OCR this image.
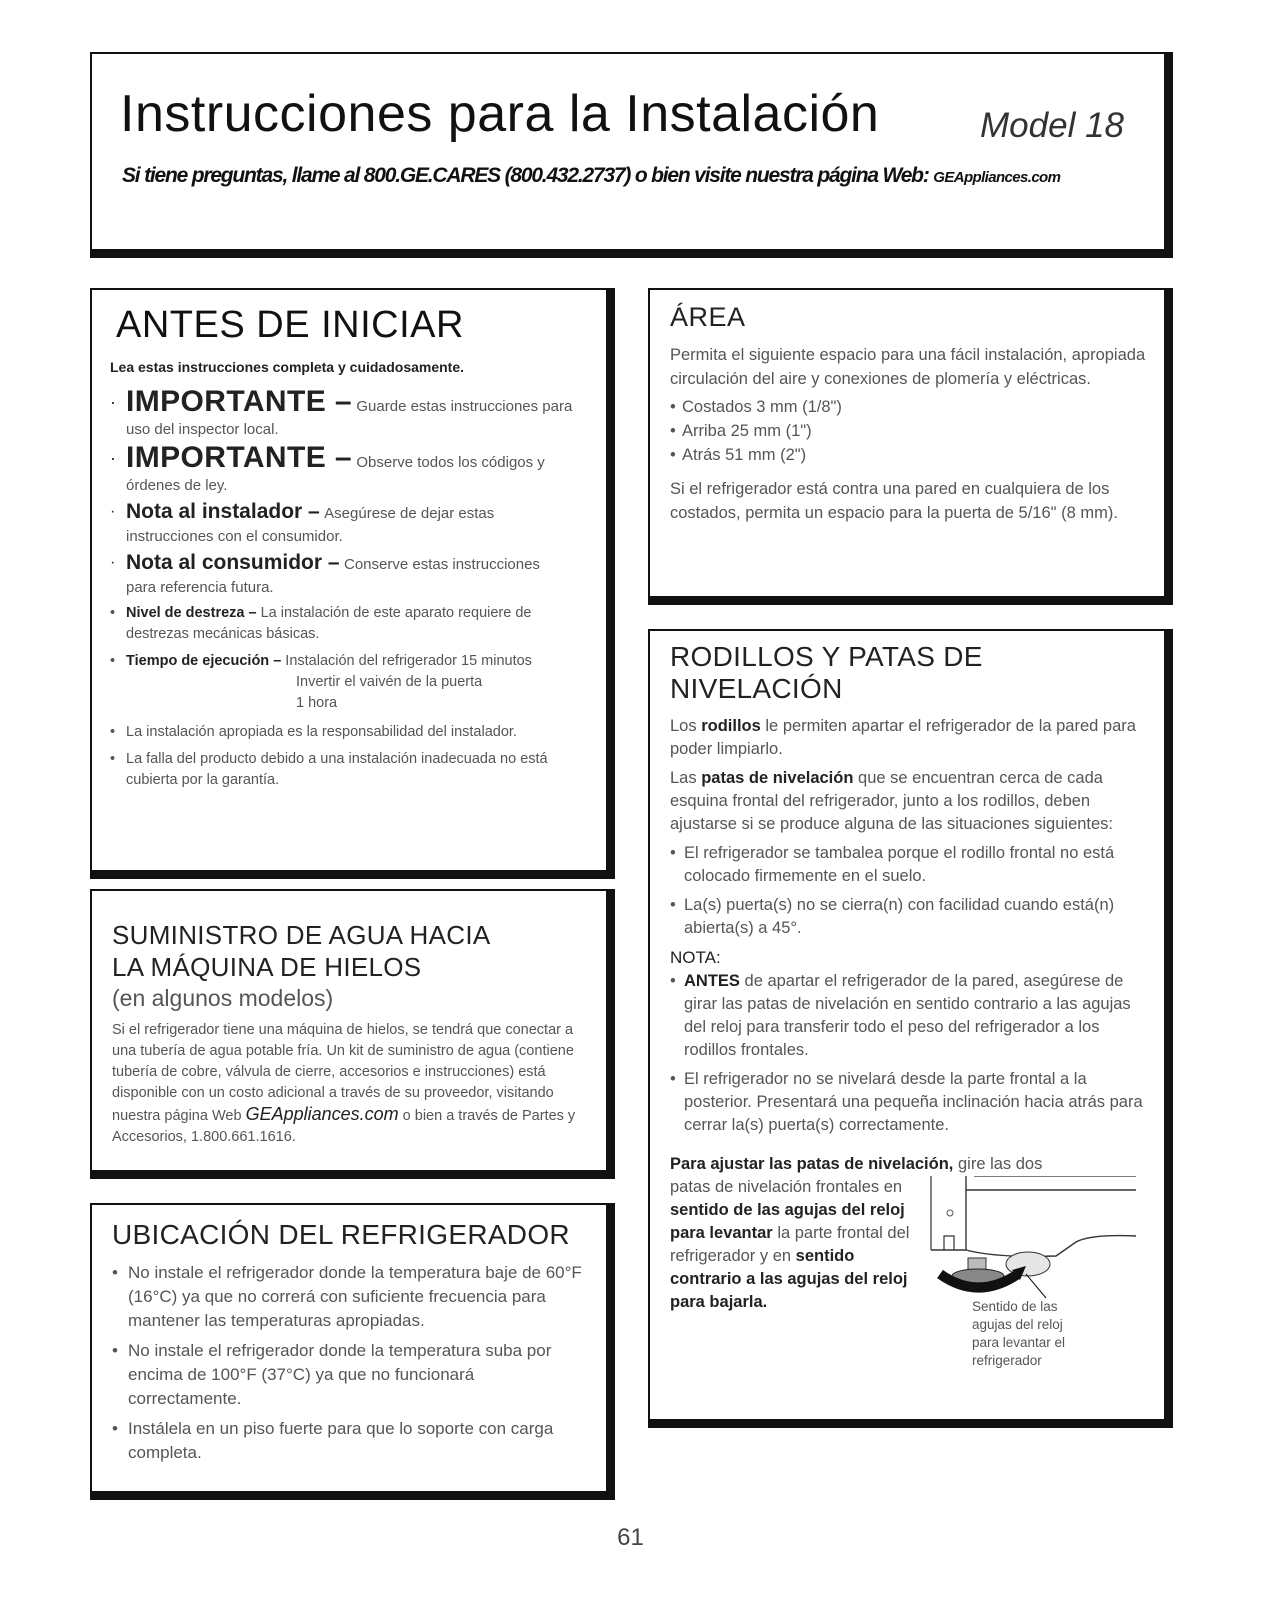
Instrucciones para la Instalación	Model 18
Si tiene preguntas, llame al 800.GE.CARES (800.432.2737) o bien visite nuestra página Web: GEAppliances.com
ANTES DE INICIAR
Lea estas instrucciones completa y cuidadosamente.
· IMPORTANTE – Guarde estas instrucciones para
uso del inspector local.
· IMPORTANTE – Observe todos los códigos y
órdenes de ley.
· Nota al instalador – Asegúrese de dejar estas
instrucciones con el consumidor.
· Nota al consumidor – Conserve estas instrucciones
para referencia futura.
• Nivel de destreza – La instalación de este aparato requiere de destrezas mecánicas básicas.
• Tiempo de ejecución – Instalación del refrigerador 15 minutos
Invertir el vaivén de la puerta
1 hora
• La instalación apropiada es la responsabilidad del instalador.
• La falla del producto debido a una instalación inadecuada no está cubierta por la garantía.
SUMINISTRO DE AGUA HACIA
LA MÁQUINA DE HIELOS
(en algunos modelos)

Si el refrigerador tiene una máquina de hielos, se tendrá que conectar a una tubería de agua potable fría. Un kit de suministro de agua (contiene tubería de cobre, válvula de cierre, accesorios e instrucciones) está disponible con un costo adicional a través de su proveedor, visitando nuestra página Web GEAppliances.com o bien a través de Partes y Accesorios, 1.800.661.1616.

UBICACIÓN DEL REFRIGERADOR
• No instale el refrigerador donde la temperatura baje de 60°F (16°C) ya que no correrá con suficiente frecuencia para mantener las temperaturas apropiadas.
• No instale el refrigerador donde la temperatura suba por encima de 100°F (37°C) ya que no funcionará correctamente.
• Instálela en un piso fuerte para que lo soporte con carga completa.
ÁREA

Permita el siguiente espacio para una fácil instalación, apropiada circulación del aire y conexiones de plomería y eléctricas.

• Costados 3 mm (1/8")
• Arriba 25 mm (1")
• Atrás 51 mm (2")

Si el refrigerador está contra una pared en cualquiera de los costados, permita un espacio para la puerta de 5/16" (8 mm).

RODILLOS Y PATAS DE NIVELACIÓN

Los rodillos le permiten apartar el refrigerador de la pared para poder limpiarlo.

Las patas de nivelación que se encuentran cerca de cada esquina frontal del refrigerador, junto a los rodillos, deben ajustarse si se produce alguna de las situaciones siguientes:

• El refrigerador se tambalea porque el rodillo frontal no está colocado firmemente en el suelo.
• La(s) puerta(s) no se cierra(n) con facilidad cuando está(n) abierta(s) a 45°.
NOTA:
• ANTES de apartar el refrigerador de la pared, asegúrese de girar las patas de nivelación en sentido contrario a las agujas del reloj para transferir todo el peso del refrigerador a los rodillos frontales.
• El refrigerador no se nivelará desde la parte frontal a la posterior. Presentará una pequeña inclinación hacia atrás para cerrar la(s) puerta(s) correctamente.
Para ajustar las patas de nivelación, gire las dos
patas de nivelación frontales en sentido de las agujas del reloj para levantar la parte frontal del refrigerador y en sentido contrario a las agujas del reloj para bajarla.	Sentido de las agujas del reloj para levantar el refrigerador
61
